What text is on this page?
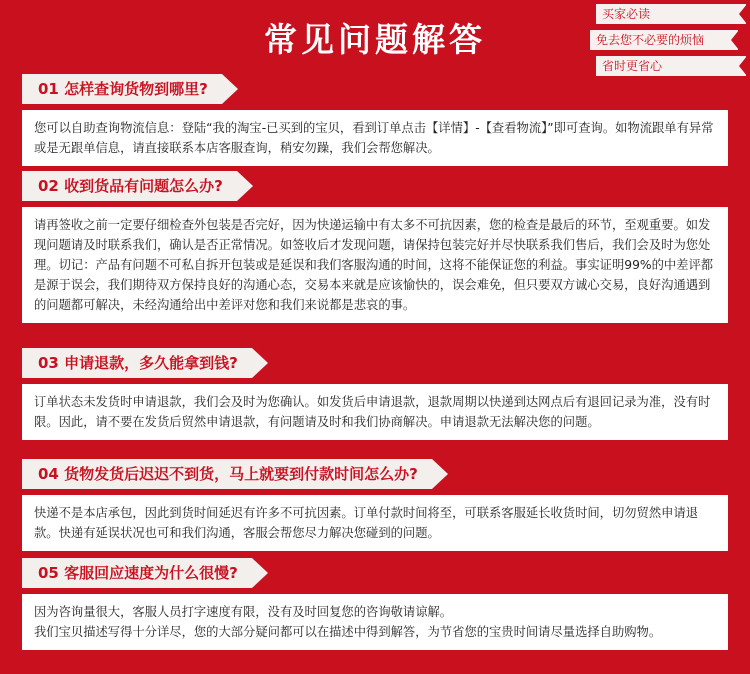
常见问题解答
买家必读
免去您不必要的烦恼
省时更省心
01 怎样查询货物到哪里?

您可以自助查询物流信息：登陆“我的淘宝-已买到的宝贝，看到订单点击【详情】-【查看物流】”即可查询。如物流跟单有异常或是无跟单信息，请直接联系本店客服查询，稍安勿躁，我们会帮您解决。

02 收到货品有问题怎么办?

请再签收之前一定要仔细检查外包装是否完好，因为快递运输中有太多不可抗因素，您的检查是最后的环节，至观重要。如发现问题请及时联系我们，确认是否正常情况。如签收后才发现问题，请保持包装完好并尽快联系我们售后，我们会及时为您处理。切记：产品有问题不可私自拆开包装或是延误和我们客服沟通的时间，这将不能保证您的利益。事实证明99%的中差评都是源于误会，我们期待双方保持良好的沟通心态，交易本来就是应该愉快的，误会难免，但只要双方诚心交易，良好沟通遇到的问题都可解决，未经沟通给出中差评对您和我们来说都是悲哀的事。

03 申请退款，多久能拿到钱?

订单状态未发货时申请退款，我们会及时为您确认。如发货后申请退款，退款周期以快递到达网点后有退回记录为准，没有时限。因此，请不要在发货后贸然申请退款，有问题请及时和我们协商解决。申请退款无法解决您的问题。

04 货物发货后迟迟不到货，马上就要到付款时间怎么办?

快递不是本店承包，因此到货时间延迟有许多不可抗因素。订单付款时间将至，可联系客服延长收货时间，切勿贸然申请退款。快递有延误状况也可和我们沟通，客服会帮您尽力解决您碰到的问题。

05 客服回应速度为什么很慢?

因为咨询量很大，客服人员打字速度有限，没有及时回复您的咨询敬请谅解。

我们宝贝描述写得十分详尽，您的大部分疑问都可以在描述中得到解答，为节省您的宝贵时间请尽量选择自助购物。
